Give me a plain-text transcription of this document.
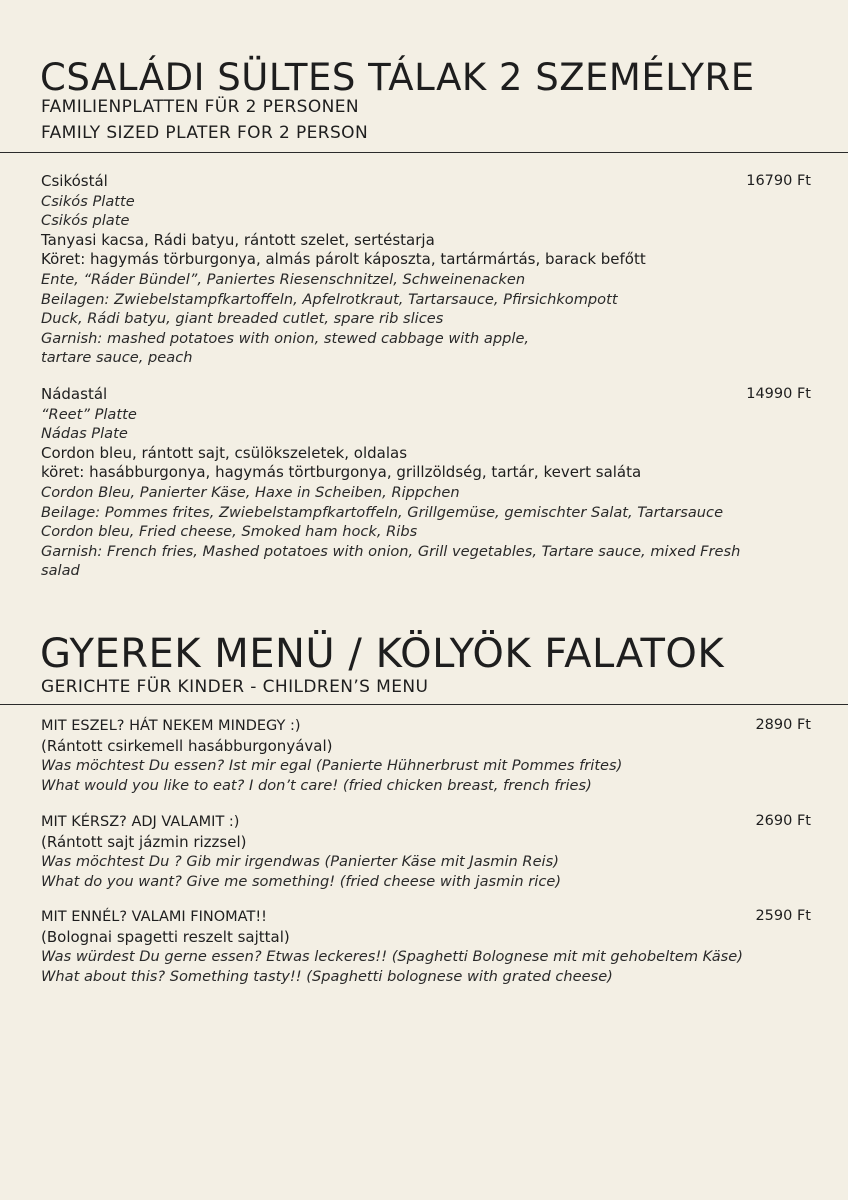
CSALÁDI SÜLTES TÁLAK 2 SZEMÉLYRE
FAMILIENPLATTEN FÜR 2 PERSONEN
FAMILY SIZED PLATER FOR 2 PERSON
16790 Ft
Csikóstál
Csikós Platte
Csikós plate
Tanyasi kacsa, Rádi batyu, rántott szelet, sertéstarja
Köret: hagymás törburgonya, almás párolt káposzta, tartármártás, barack befőtt
Ente, “Ráder Bündel”, Paniertes Riesenschnitzel, Schweinenacken
Beilagen: Zwiebelstampfkartoffeln, Apfelrotkraut, Tartarsauce, Pfirsichkompott
Duck, Rádi batyu, giant breaded cutlet, spare rib slices
Garnish: mashed potatoes with onion, stewed cabbage with apple,
tartare sauce, peach
14990 Ft
Nádastál
“Reet” Platte
Nádas Plate
Cordon bleu, rántott sajt, csülökszeletek, oldalas
köret: hasábburgonya, hagymás törtburgonya, grillzöldség, tartár, kevert saláta
Cordon Bleu, Panierter Käse, Haxe in Scheiben, Rippchen
Beilage: Pommes frites, Zwiebelstampfkartoffeln, Grillgemüse, gemischter Salat, Tartarsauce
Cordon bleu, Fried cheese, Smoked ham hock, Ribs
Garnish: French fries, Mashed potatoes with onion, Grill vegetables, Tartare sauce, mixed Fresh
salad
GYEREK MENÜ / KÖLYÖK FALATOK
GERICHTE FÜR KINDER - CHILDREN’S MENU
2890 Ft
MIT ESZEL? HÁT NEKEM MINDEGY :)
(Rántott csirkemell hasábburgonyával)
Was möchtest Du essen? Ist mir egal (Panierte Hühnerbrust mit Pommes frites)
What would you like to eat? I don’t care! (fried chicken breast, french fries)
2690 Ft
MIT KÉRSZ? ADJ VALAMIT :)
(Rántott sajt jázmin rizzsel)
Was möchtest Du ? Gib mir irgendwas (Panierter Käse mit Jasmin Reis)
What do you want? Give me something! (fried cheese with jasmin rice)
2590 Ft
MIT ENNÉL? VALAMI FINOMAT!!
(Bolognai spagetti reszelt sajttal)
Was würdest Du gerne essen? Etwas leckeres!! (Spaghetti Bolognese mit mit gehobeltem Käse)
What about this? Something tasty!! (Spaghetti bolognese with grated cheese)
